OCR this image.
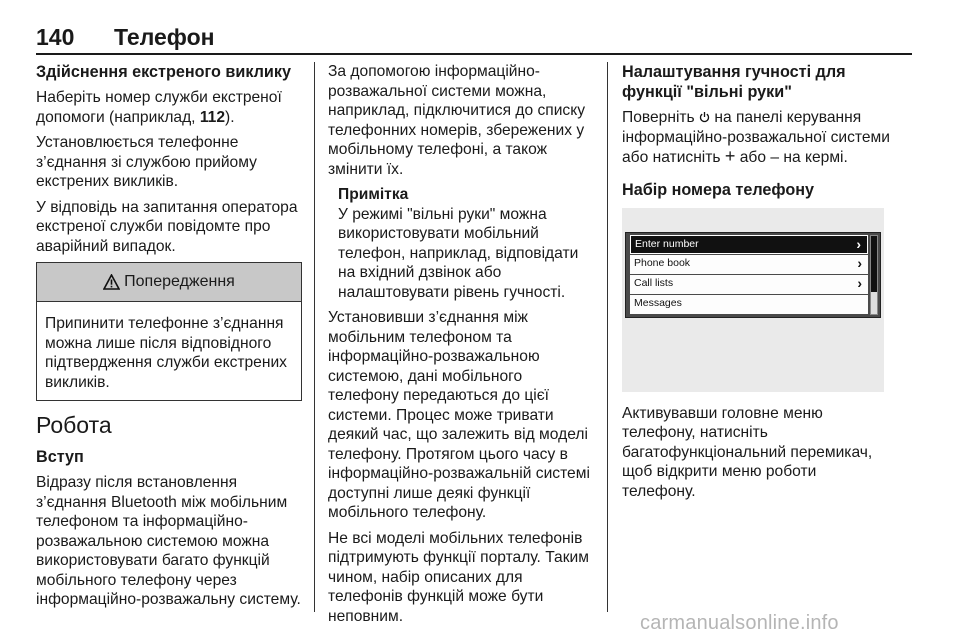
140 Телефон
Здійснення екстреного виклику

Наберіть номер служби екстреної допомоги (наприклад, 112).

Установлюється телефонне з’єднання зі службою прийому екстрених викликів.

У відповідь на запитання оператора екстреної служби повідомте про аварійний випадок.

Попередження
Припинити телефонне з’єднання можна лише після відповідного підтвердження служби екстрених викликів.
Робота
Вступ

Відразу після встановлення з’єднання Bluetooth між мобільним телефоном та інформаційно-розважальною системою можна використовувати багато функцій мобільного телефону через інформаційно-розважальну систему.

За допомогою інформаційно-розважальної системи можна, наприклад, підключитися до списку телефонних номерів, збережених у мобільному телефоні, а також змінити їх.

Примітка
У режимі "вільні руки" можна використовувати мобільний телефон, наприклад, відповідати на вхідний дзвінок або налаштовувати рівень гучності.

Установивши з’єднання між мобільним телефоном та інформаційно-розважальною системою, дані мобільного телефону передаються до цієї системи. Процес може тривати деякий час, що залежить від моделі телефону. Протягом цього часу в інформаційно-розважальній системі доступні лише деякі функції мобільного телефону.

Не всі моделі мобільних телефонів підтримують функції порталу. Таким чином, набір описаних для телефонів функцій може бути неповним.

Налаштування гучності для функції "вільні руки"

Поверніть  на панелі керування інформаційно-розважальної системи або натисніть + або – на кермі.

Набір номера телефону
Enter number	›
Phone book	›
Call lists	›
Messages

Активувавши головне меню телефону, натисніть багатофункціональний перемикач, щоб відкрити меню роботи телефону.

carmanualsonline.info
